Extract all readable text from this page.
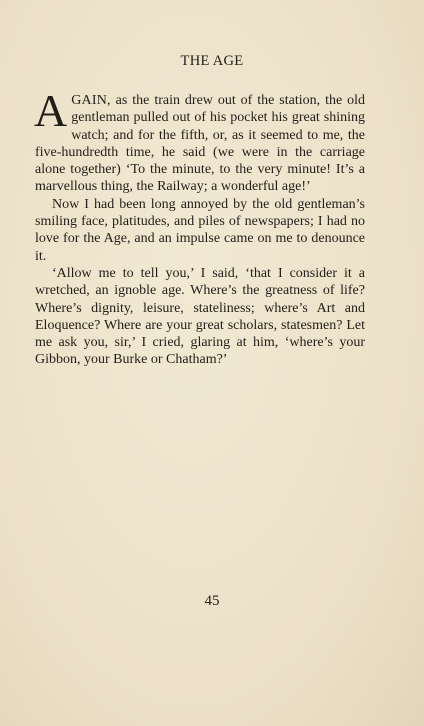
THE AGE

AGAIN, as the train drew out of the station, the old gentleman pulled out of his pocket his great shining watch; and for the fifth, or, as it seemed to me, the five-hundredth time, he said (we were in the carriage alone together) ‘To the minute, to the very minute! It’s a marvellous thing, the Railway; a wonderful age!’

Now I had been long annoyed by the old gentleman’s smiling face, platitudes, and piles of newspapers; I had no love for the Age, and an impulse came on me to denounce it.

‘Allow me to tell you,’ I said, ‘that I consider it a wretched, an ignoble age. Where’s the greatness of life? Where’s dignity, leisure, stateliness; where’s Art and Eloquence? Where are your great scholars, statesmen? Let me ask you, sir,’ I cried, glaring at him, ‘where’s your Gibbon, your Burke or Chatham?’

45
